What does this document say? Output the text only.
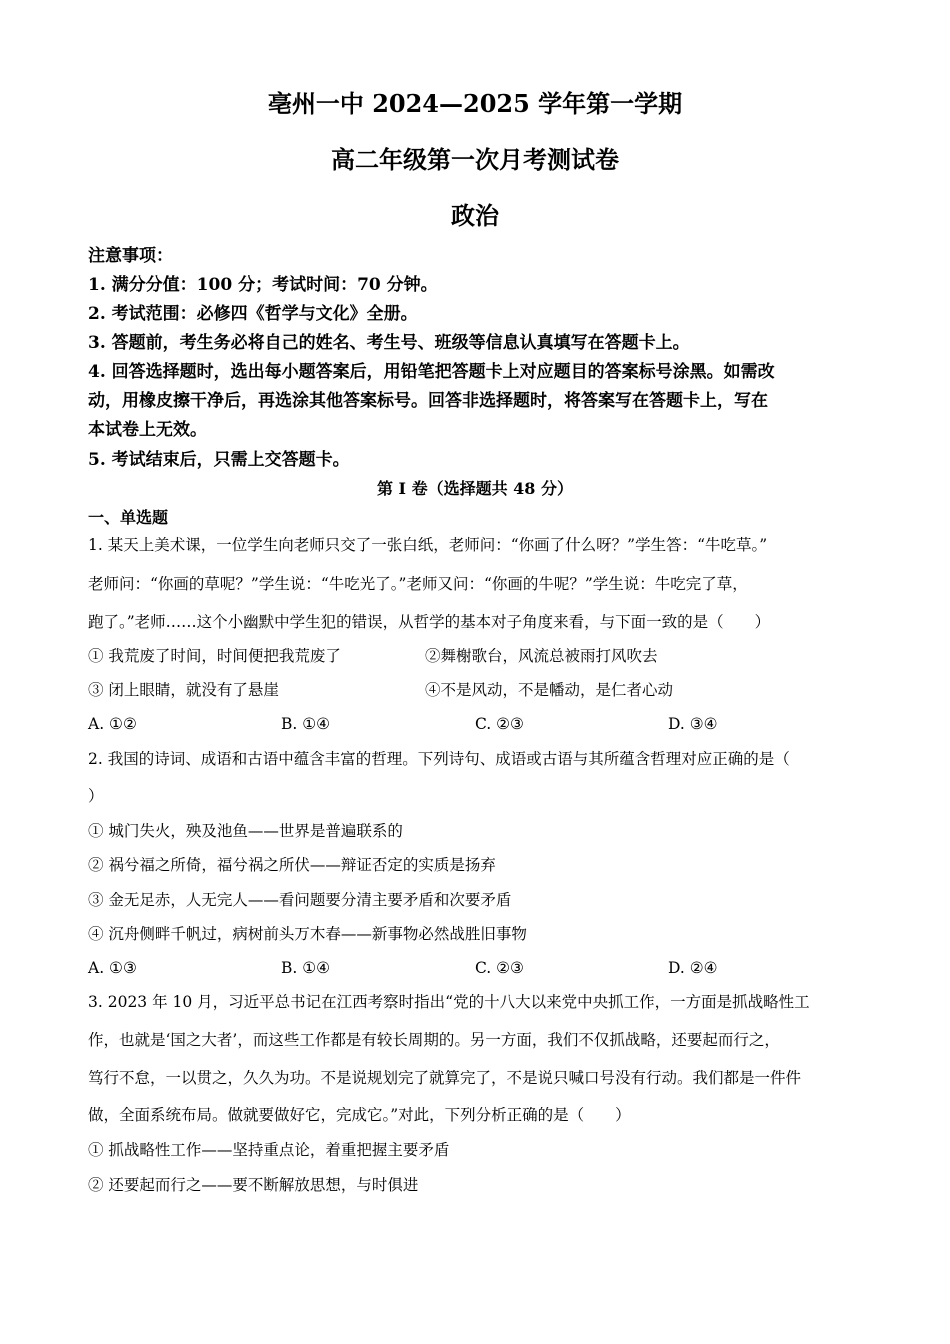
亳州一中 2024—2025 学年第一学期
高二年级第一次月考测试卷
政治
注意事项：
1. 满分分值：100 分；考试时间：70 分钟。
2. 考试范围：必修四《哲学与文化》全册。
3. 答题前，考生务必将自己的姓名、考生号、班级等信息认真填写在答题卡上。
4. 回答选择题时，选出每小题答案后，用铅笔把答题卡上对应题目的答案标号涂黑。如需改
动，用橡皮擦干净后，再选涂其他答案标号。回答非选择题时，将答案写在答题卡上，写在
本试卷上无效。
5. 考试结束后，只需上交答题卡。
第 I 卷（选择题共 48 分）
一、单选题
1. 某天上美术课，一位学生向老师只交了一张白纸，老师问：“你画了什么呀？”学生答：“牛吃草。”
老师问：“你画的草呢？”学生说：“牛吃光了。”老师又问：“你画的牛呢？”学生说：牛吃完了草，
跑了。”老师……这个小幽默中学生犯的错误，从哲学的基本对子角度来看，与下面一致的是（　　）
① 我荒废了时间，时间便把我荒废了	②舞榭歌台，风流总被雨打风吹去
③ 闭上眼睛，就没有了悬崖	④不是风动，不是幡动，是仁者心动
A. ①②	B. ①④	C. ②③	D. ③④
2. 我国的诗词、成语和古语中蕴含丰富的哲理。下列诗句、成语或古语与其所蕴含哲理对应正确的是（
）
① 城门失火，殃及池鱼——世界是普遍联系的
② 祸兮福之所倚，福兮祸之所伏——辩证否定的实质是扬弃
③ 金无足赤，人无完人——看问题要分清主要矛盾和次要矛盾
④ 沉舟侧畔千帆过，病树前头万木春——新事物必然战胜旧事物
A. ①③	B. ①④	C. ②③	D. ②④
3. 2023 年 10 月，习近平总书记在江西考察时指出“党的十八大以来党中央抓工作，一方面是抓战略性工
作，也就是‘国之大者’，而这些工作都是有较长周期的。另一方面，我们不仅抓战略，还要起而行之，
笃行不怠，一以贯之，久久为功。不是说规划完了就算完了，不是说只喊口号没有行动。我们都是一件件
做，全面系统布局。做就要做好它，完成它。”对此，下列分析正确的是（　　）
① 抓战略性工作——坚持重点论，着重把握主要矛盾
② 还要起而行之——要不断解放思想，与时俱进
